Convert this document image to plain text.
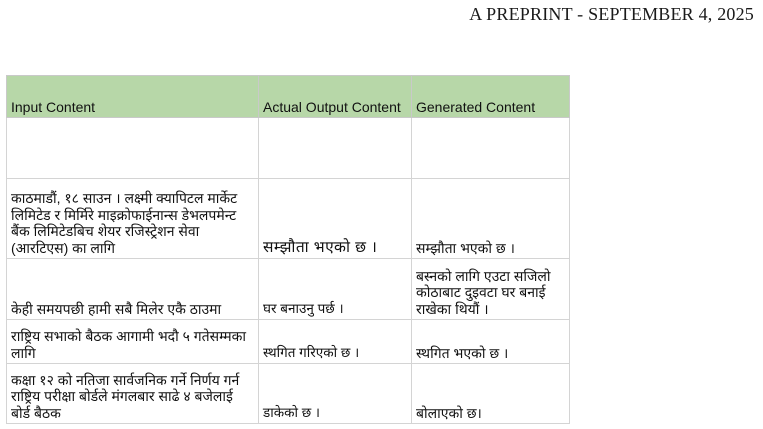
A PREPRINT - SEPTEMBER 4, 2025
Input Content	Actual Output Content	Generated Content

काठमाडौं, १८ साउन । लक्ष्मी क्यापिटल मार्केट लिमिटेड र मिर्मिरे माइक्रोफाईनान्स डेभलपमेन्ट बैंक लिमिटेडबिच शेयर रजिस्ट्रेशन सेवा (आरटिएस) का लागि	सम्झौता भएको छ ।	सम्झौता भएको छ ।
केही समयपछी हामी सबै मिलेर एकै ठाउमा	घर बनाउनु पर्छ ।	बस्नको लागि एउटा सजिलो कोठाबाट दुइवटा घर बनाई राखेका थियौं ।
राष्ट्रिय सभाको बैठक आगामी भदौ ५ गतेसम्मका लागि	स्थगित गरिएको छ ।	स्थगित भएको छ ।
कक्षा १२ को नतिजा सार्वजनिक गर्ने निर्णय गर्न राष्ट्रिय परीक्षा बोर्डले मंगलबार साढे ४ बजेलाई बोर्ड बैठक	डाकेको छ ।	बोलाएको छ।
